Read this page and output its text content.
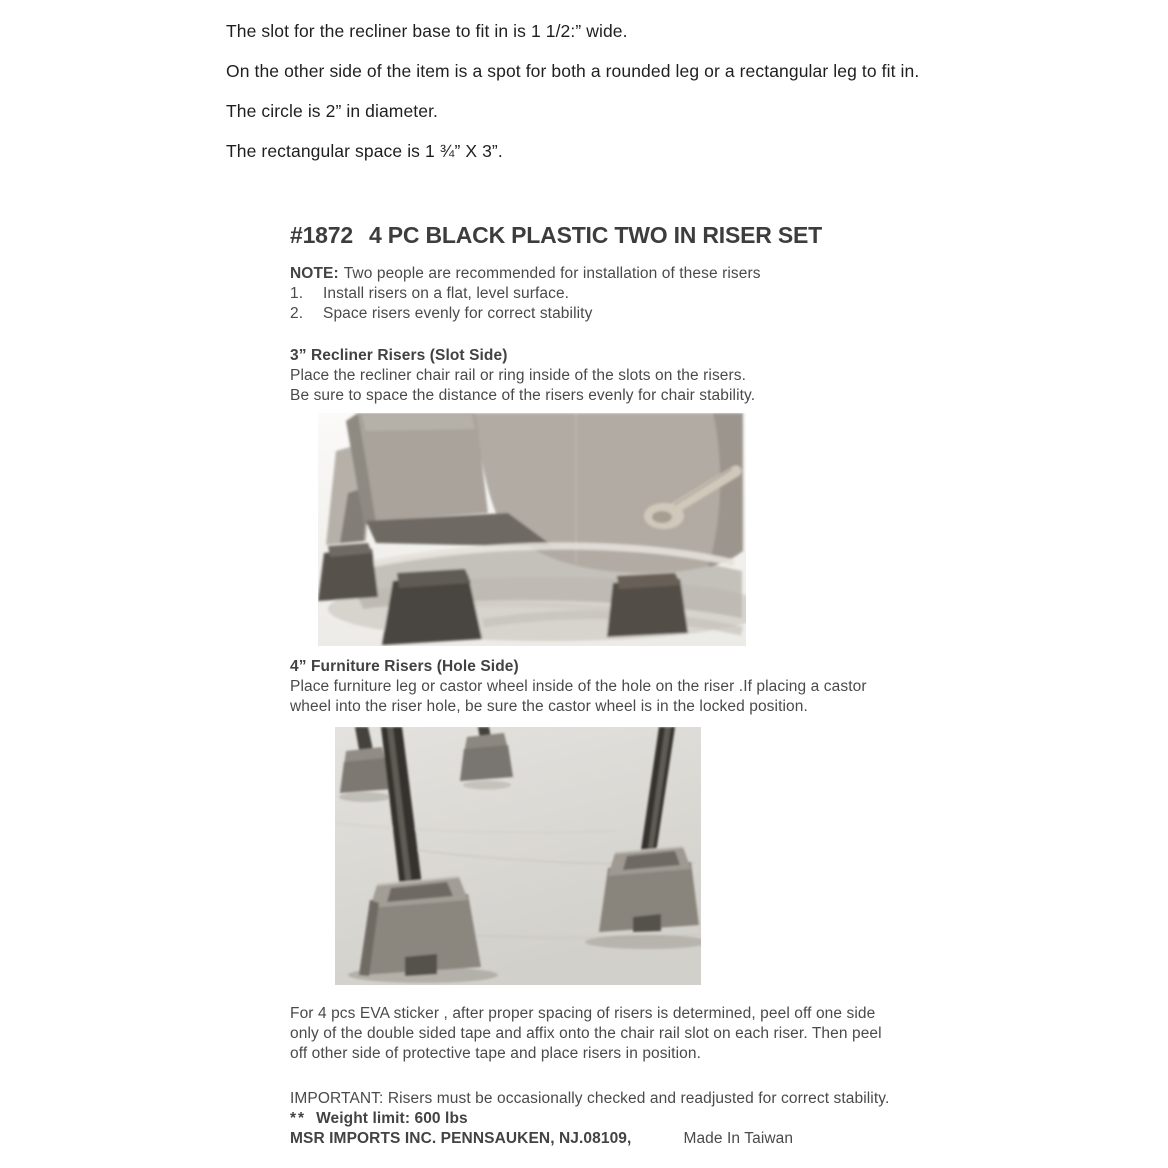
The slot for the recliner base to fit in is 1 1/2:” wide.

On the other side of the item is a spot for both a rounded leg or a rectangular leg to fit in.

The circle is 2” in diameter.

The rectangular space is 1 ¾” X 3”.

#1872 4 PC BLACK PLASTIC TWO IN RISER SET

NOTE: Two people are recommended for installation of these risers

1.	Install risers on a flat, level surface.
2.	Space risers evenly for correct stability

3” Recliner Risers (Slot Side)

Place the recliner chair rail or ring inside of the slots on the risers.

Be sure to space the distance of the risers evenly for chair stability.

4” Furniture Risers (Hole Side)

Place furniture leg or castor wheel inside of the hole on the riser .If placing a castor

wheel into the riser hole, be sure the castor wheel is in the locked position.

For 4 pcs EVA sticker , after proper spacing of risers is determined, peel off one side

only of the double sided tape and affix onto the chair rail slot on each riser. Then peel

off other side of protective tape and place risers in position.

IMPORTANT: Risers must be occasionally checked and readjusted for correct stability.

** Weight limit: 600 lbs

MSR IMPORTS INC. PENNSAUKEN, NJ.08109,	Made In Taiwan
